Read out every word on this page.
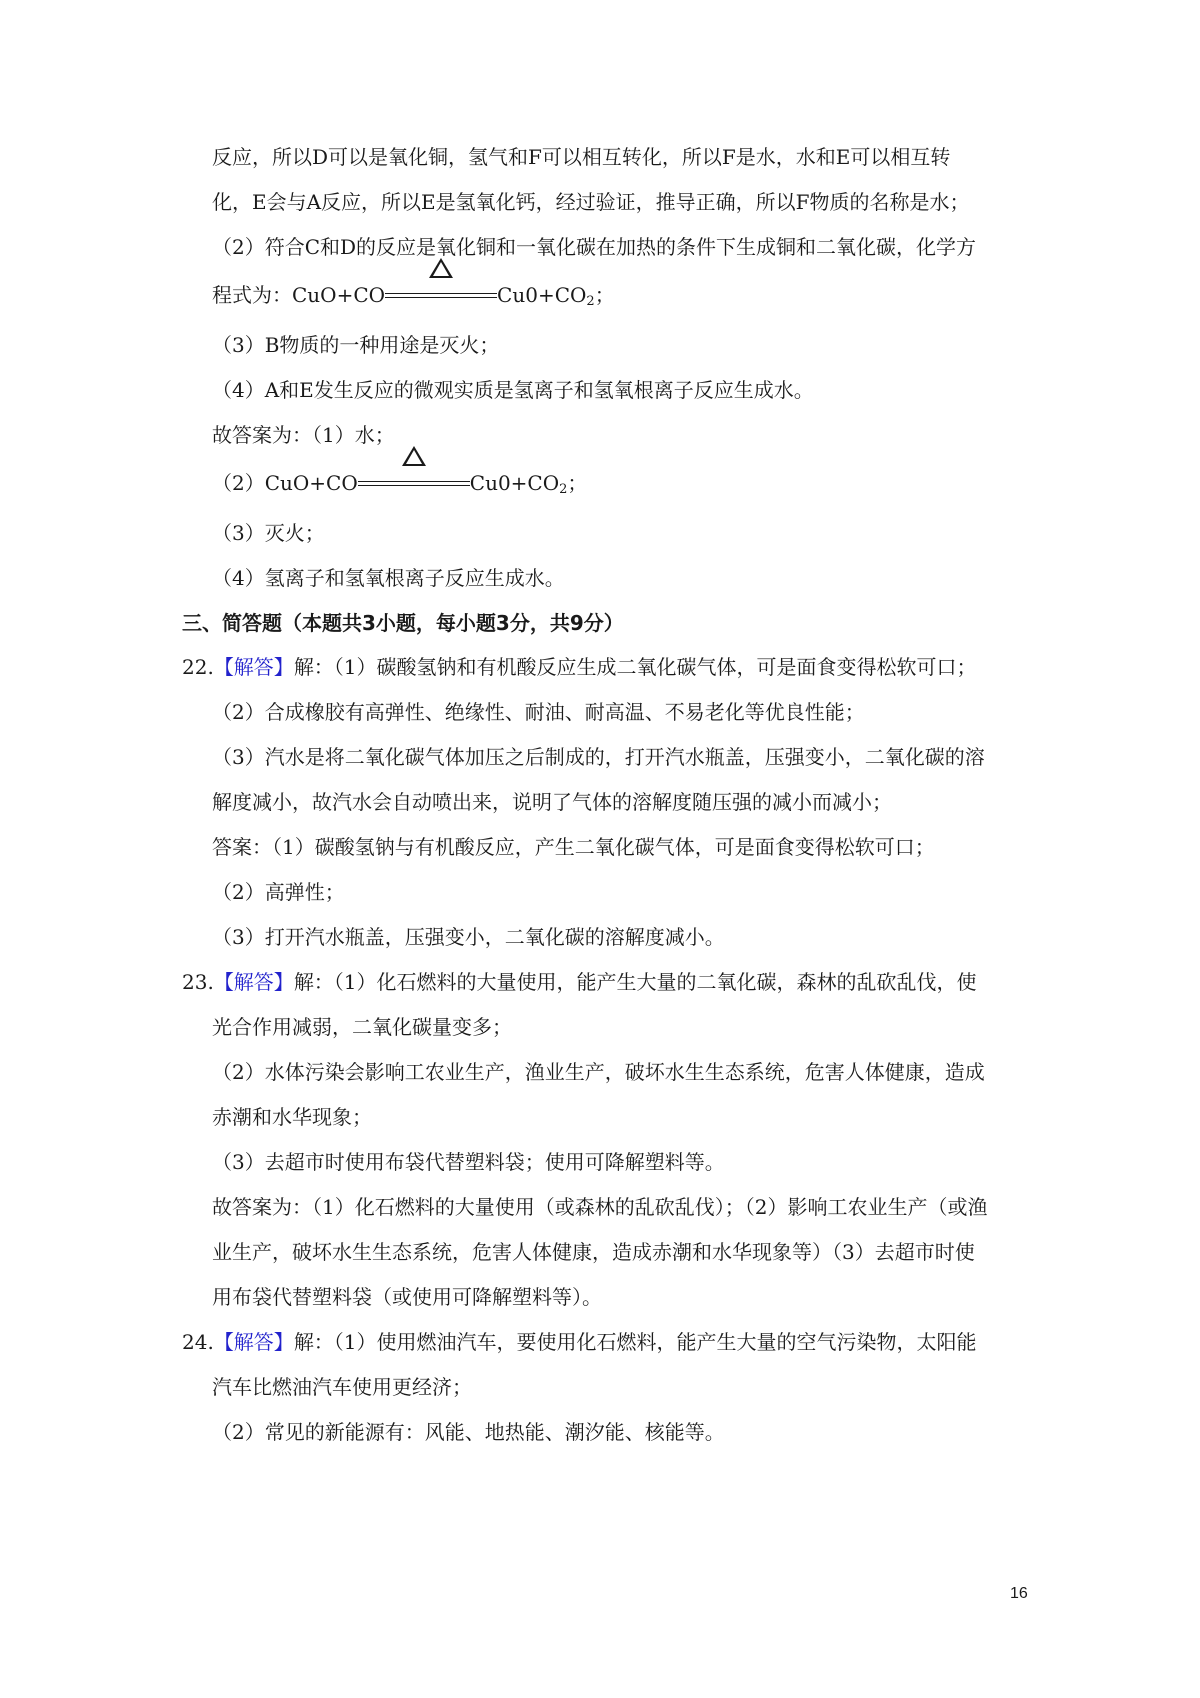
反应，所以D可以是氧化铜，氢气和F可以相互转化，所以F是水，水和E可以相互转
化，E会与A反应，所以E是氢氧化钙，经过验证，推导正确，所以F物质的名称是水；
（2）符合C和D的反应是氧化铜和一氧化碳在加热的条件下生成铜和二氧化碳，化学方
程式为：CuO+CO	$Cu0+CO_2$；
（3）B物质的一种用途是灭火；
（4）A和E发生反应的微观实质是氢离子和氢氧根离子反应生成水。
故答案为：（1）水；
（2）CuO+CO	$Cu0+CO_2$；
（3）灭火；
（4）氢离子和氢氧根离子反应生成水。
三、简答题（本题共3小题，每小题3分，共9分）
22.【解答】解：（1）碳酸氢钠和有机酸反应生成二氧化碳气体，可是面食变得松软可口；
（2）合成橡胶有高弹性、绝缘性、耐油、耐高温、不易老化等优良性能；
（3）汽水是将二氧化碳气体加压之后制成的，打开汽水瓶盖，压强变小，二氧化碳的溶
解度减小，故汽水会自动喷出来，说明了气体的溶解度随压强的减小而减小；
答案：（1）碳酸氢钠与有机酸反应，产生二氧化碳气体，可是面食变得松软可口；
（2）高弹性；
（3）打开汽水瓶盖，压强变小，二氧化碳的溶解度减小。
23.【解答】解：（1）化石燃料的大量使用，能产生大量的二氧化碳，森林的乱砍乱伐，使
光合作用减弱，二氧化碳量变多；
（2）水体污染会影响工农业生产，渔业生产，破坏水生生态系统，危害人体健康，造成
赤潮和水华现象；
（3）去超市时使用布袋代替塑料袋；使用可降解塑料等。
故答案为：（1）化石燃料的大量使用（或森林的乱砍乱伐）；（2）影响工农业生产（或渔
业生产，破坏水生生态系统，危害人体健康，造成赤潮和水华现象等）（3）去超市时使
用布袋代替塑料袋（或使用可降解塑料等）。
24.【解答】解：（1）使用燃油汽车，要使用化石燃料，能产生大量的空气污染物，太阳能
汽车比燃油汽车使用更经济；
（2）常见的新能源有：风能、地热能、潮汐能、核能等。
16
